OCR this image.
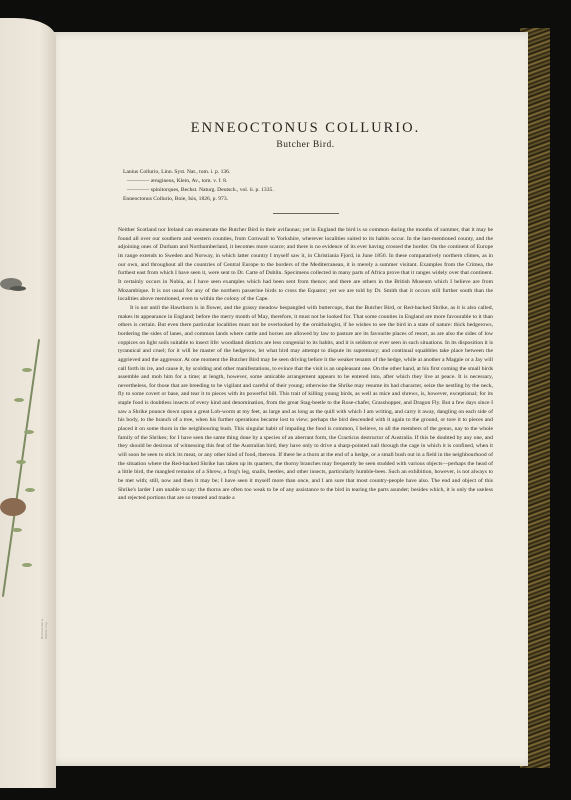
Hullmandel & Walton Imp.
ENNEOCTONUS COLLURIO.
Butcher Bird.
Lanius Collurio, Linn. Syst. Nat., tom. i. p. 136.
———— ærugineus, Klein, Av., tom. v. f. 8.
———— spinitorques, Bechst. Naturg. Deutsch., vol. ii. p. 1335.
Enneoctonus Collurio, Boie, Isis, 1826, p. 973.

Neither Scotland nor Ireland can enumerate the Butcher Bird in their avifaunas; yet in England the bird is so common during the months of summer, that it may be found all over our southern and western counties, from Cornwall to Yorkshire, wherever localities suited to its habits occur. In the last-mentioned county, and the adjoining ones of Durham and Northumberland, it becomes more scarce; and there is no evidence of its ever having crossed the border. On the continent of Europe its range extends to Sweden and Norway, in which latter country I myself saw it, in Christiania Fjord, in June 1856. In these comparatively northern climes, as in our own, and throughout all the countries of Central Europe to the borders of the Mediterranean, it is merely a summer visitant. Examples from the Crimea, the furthest east from which I have seen it, were sent to Dr. Carte of Dublin. Specimens collected in many parts of Africa prove that it ranges widely over that continent. It certainly occurs in Nubia, as I have seen examples which had been sent from thence; and there are others in the British Museum which I believe are from Mozambique. It is not usual for any of the northern passerine birds to cross the Equator; yet we are told by Dr. Smith that it occurs still further south than the localities above mentioned, even to within the colony of the Cape.

It is not until the Hawthorn is in flower, and the grassy meadow bespangled with buttercups, that the Butcher Bird, or Red-backed Shrike, as it is also called, makes its appearance in England; before the merry month of May, therefore, it must not be looked for. That some counties in England are more favourable to it than others is certain. But even there particular localities must not be overlooked by the ornithologist, if he wishes to see the bird in a state of nature: thick hedgerows, bordering the sides of lanes, and common lands where cattle and horses are allowed by law to pasture are its favourite places of resort, as are also the sides of low coppices on light soils suitable to insect life: woodland districts are less congenial to its habits, and it is seldom or ever seen in such situations. In its disposition it is tyrannical and cruel; for it will be master of the hedgerow, let what bird may attempt to dispute its supremacy; and continual squabbles take place between the aggrieved and the aggressor. At one moment the Butcher Bird may be seen driving before it the weaker tenants of the hedge, while at another a Magpie or a Jay will call forth its ire, and cause it, by scolding and other manifestations, to evince that the visit is an unpleasant one. On the other hand, at his first coming the small birds assemble and mob him for a time; at length, however, some amicable arrangement appears to be entered into, after which they live at peace. It is necessary, nevertheless, for those that are breeding to be vigilant and careful of their young; otherwise the Shrike may resume its bad character, seize the nestling by the neck, fly to some covert or base, and tear it to pieces with its powerful bill. This trait of killing young birds, as well as mice and shrews, is, however, exceptional; for its staple food is doubtless insects of every kind and denomination, from the great Stag-beetle to the Rose-chafer, Grasshopper, and Dragon Fly. But a few days since I saw a Shrike pounce down upon a great Lob-worm at my feet, as large and as long as the quill with which I am writing, and carry it away, dangling on each side of his body, to the branch of a tree, when his further operations became lost to view; perhaps the bird descended with it again to the ground, or tore it to pieces and placed it on some thorn in the neighbouring bush. This singular habit of impaling the food is common, I believe, to all the members of the genus, nay to the whole family of the Shrikes; for I have seen the same thing done by a species of an aberrant form, the Cracticus destructor of Australia. If this be doubted by any one, and they should be desirous of witnessing this feat of the Australian bird, they have only to drive a sharp-pointed nail through the cage in which it is confined, when it will soon be seen to stick its meat, or any other kind of food, thereon. If there be a thorn at the end of a hedge, or a small bush out in a field in the neighbourhood of the situation where the Red-backed Shrike has taken up its quarters, the thorny branches may frequently be seen studded with various objects—perhaps the head of a little bird, the mangled remains of a Shrew, a frog's leg, snails, beetles, and other insects, particularly humble-bees. Such an exhibition, however, is not always to be met with; still, now and then it may be; I have seen it myself more than once, and I am sure that most country-people have also. The end and object of this Shrike's larder I am unable to say: the thorns are often too weak to be of any assistance to the bird in tearing the parts asunder; besides which, it is only the useless and rejected portions that are so treated and made a
